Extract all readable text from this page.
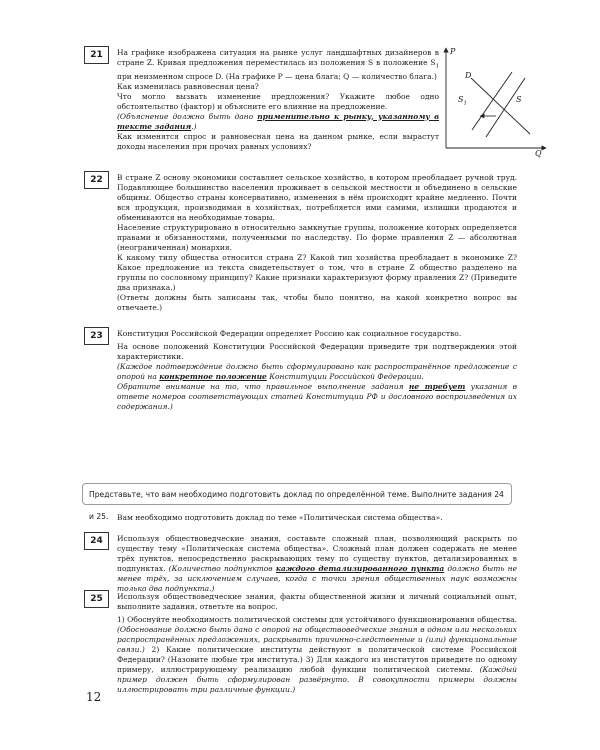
21	На графике изображена ситуация на рынке услуг ландшафтных дизайнеров в стране Z. Кривая предложения переместилась из положения S в положение $S_1$ при неизменном спросе D. (На графике P — цена блага; Q — количество блага.)

Как изменилась равновесная цена?

Что могло вызвать изменение предложения? Укажите любое одно обстоятельство (фактор) и объясните его влияние на предложение.

(Объяснение должно быть дано применительно к рынку, указанному в тексте задания.)

Как изменятся спрос и равновесная цена на данном рынке, если вырастут доходы населения при прочих равных условиях?

P
Q
D
S
$S_1$
22	В стране Z основу экономики составляет сельское хозяйство, в котором преобладает ручной труд. Подавляющее большинство населения проживает в сельской местности и объединено в сельские общины. Общество страны консервативно, изменения в нём происходят крайне медленно. Почти вся продукция, производимая в хозяйствах, потребляется ими самими, излишки продаются и обмениваются на необходимые товары.

Население структурировано в относительно замкнутые группы, положение которых определяется правами и обязанностями, полученными по наследству. По форме правления Z — абсолютная (неограниченная) монархия.

К какому типу общества относится страна Z? Какой тип хозяйства преобладает в экономике Z? Какое предложение из текста свидетельствует о том, что в стране Z общество разделено на группы по сословному принципу? Какие признаки характеризуют форму правления Z? (Приведите два признака.)

(Ответы должны быть записаны так, чтобы было понятно, на какой конкретно вопрос вы отвечаете.)

23	Конституция Российской Федерации определяет Россию как социальное государство.

На основе положений Конституции Российской Федерации приведите три подтверждения этой характеристики.

(Каждое подтверждение должно быть сформулировано как распространённое предложение с опорой на конкретное положение Конституции Российской Федерации.

Обратите внимание на то, что правильное выполнение задания не требует указания в ответе номеров соответствующих статей Конституции РФ и дословного воспроизведения их содержания.)

Представьте, что вам необходимо подготовить доклад по определённой теме. Выполните задания 24 и 25.	Вам необходимо подготовить доклад по теме «Политическая система общества».
24	Используя обществоведческие знания, составьте сложный план, позволяющий раскрыть по существу тему «Политическая система общества». Сложный план должен содержать не менее трёх пунктов, непосредственно раскрывающих тему по существу пунктов, детализированных в подпунктах. (Количество подпунктов каждого детализированного пункта должно быть не менее трёх, за исключением случаев, когда с точки зрения общественных наук возможны только два подпункта.)

25	Используя обществоведческие знания, факты общественной жизни и личный социальный опыт, выполните задания, ответьте на вопрос.

1) Обоснуйте необходимость политической системы для устойчивого функционирования общества. (Обоснование должно быть дано с опорой на обществоведческие знания в одном или нескольких распространённых предложениях, раскрывать причинно-следственные и (или) функциональные связи.) 2) Какие политические институты действуют в политической системе Российской Федерации? (Назовите любые три института.) 3) Для каждого из институтов приведите по одному примеру, иллюстрирующему реализацию любой функции политической системы. (Каждый пример должен быть сформулирован развёрнуто. В совокупности примеры должны иллюстрировать три различные функции.)

12
